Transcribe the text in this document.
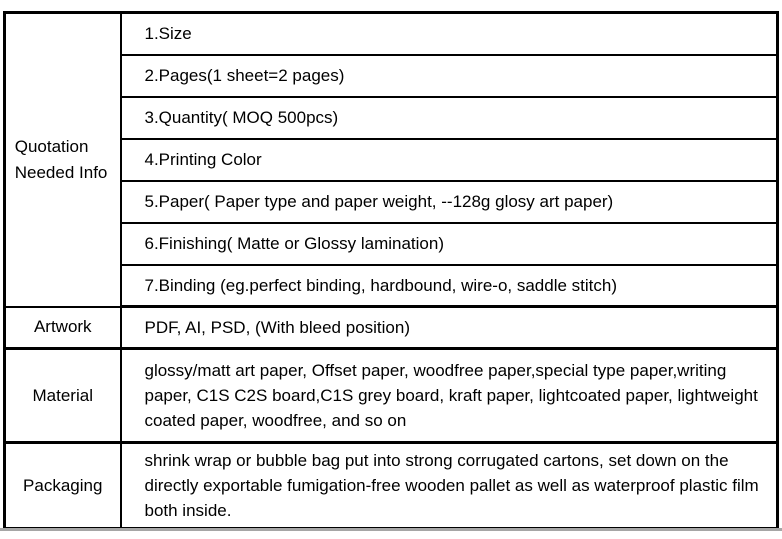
Quotation Needed Info	1.Size
	2.Pages(1 sheet=2 pages)
	3.Quantity( MOQ 500pcs)
	4.Printing Color
	5.Paper( Paper type and paper weight, --128g glosy art paper)
	6.Finishing( Matte or Glossy lamination)
	7.Binding (eg.perfect binding, hardbound, wire-o, saddle stitch)
Artwork	PDF, AI, PSD, (With bleed position)
Material	glossy/matt art paper, Offset paper, woodfree paper,special type paper,writing paper, C1S C2S board,C1S grey board, kraft paper, lightcoated paper, lightweight coated paper, woodfree, and so on
Packaging	shrink wrap or bubble bag put into strong corrugated cartons, set down on the directly exportable fumigation-free wooden pallet as well as waterproof plastic film both inside.
